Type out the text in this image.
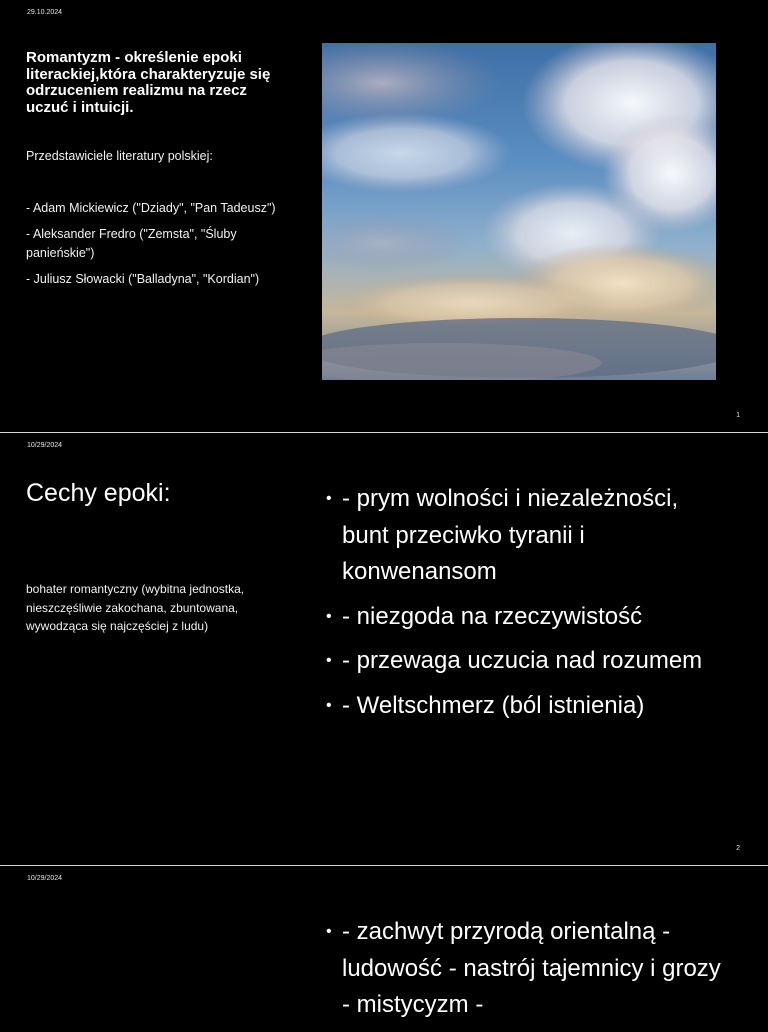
29.10.2024
Romantyzm - określenie epoki literackiej,która charakteryzuje się odrzuceniem realizmu na rzecz uczuć i intuicji.

Przedstawiciele literatury polskiej:

- Adam Mickiewicz ("Dziady", "Pan Tadeusz")
- Aleksander Fredro ("Zemsta", "Śluby panieńskie")
- Juliusz Słowacki ("Balladyna", "Kordian")
1
10/29/2024
2
Cechy epoki:

bohater romantyczny (wybitna jednostka, nieszczęśliwie zakochana, zbuntowana, wywodząca się najczęściej z ludu)

• - prym wolności i niezależności, bunt przeciwko tyranii i konwenansom
• - niezgoda na rzeczywistość
• - przewaga uczucia nad rozumem
• - Weltschmerz (ból istnienia)
10/29/2024
• - zachwyt przyrodą orientalną - ludowość - nastrój tajemnicy i grozy - mistycyzm -
